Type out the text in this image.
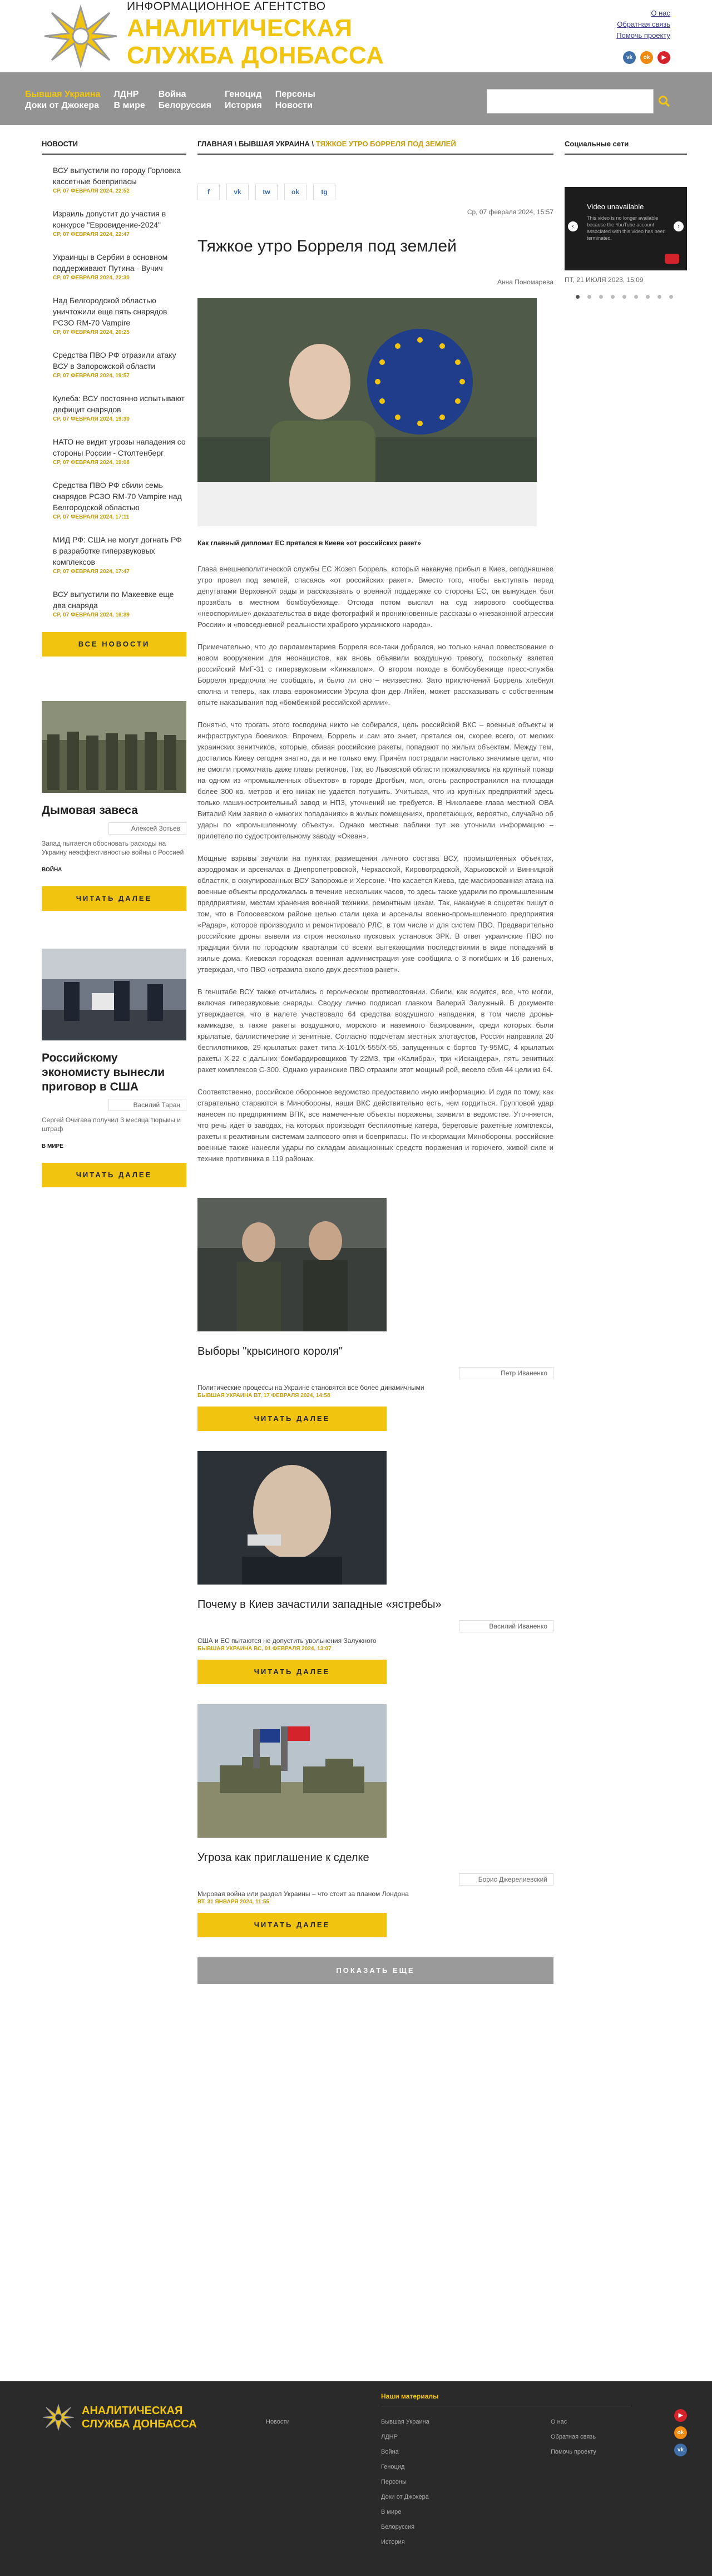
ИНФОРМАЦИОННОЕ АГЕНТСТВО
АНАЛИТИЧЕСКАЯ
СЛУЖБА ДОНБАССА
О нас
Обратная связь
Помочь проекту
vk	ok	▶
Бывшая Украина
Доки от Джокера
ЛДНР
В мире
Война
Белоруссия
Геноцид
История
Персоны
Новости
НОВОСТИ
ВСУ выпустили по городу Горловка кассетные боеприпасы
СР, 07 ФЕВРАЛЯ 2024, 22:52
Израиль допустит до участия в конкурсе "Евровидение-2024"
СР, 07 ФЕВРАЛЯ 2024, 22:47
Украинцы в Сербии в основном поддерживают Путина - Вучич
СР, 07 ФЕВРАЛЯ 2024, 22:30
Над Белгородской областью уничтожили еще пять снарядов РСЗО RM-70 Vampire
СР, 07 ФЕВРАЛЯ 2024, 20:25
Средства ПВО РФ отразили атаку ВСУ в Запорожской области
СР, 07 ФЕВРАЛЯ 2024, 19:57
Кулеба: ВСУ постоянно испытывают дефицит снарядов
СР, 07 ФЕВРАЛЯ 2024, 19:30
НАТО не видит угрозы нападения со стороны России - Столтенберг
СР, 07 ФЕВРАЛЯ 2024, 19:08
Средства ПВО РФ сбили семь снарядов РСЗО RM-70 Vampire над Белгородской областью
СР, 07 ФЕВРАЛЯ 2024, 17:11
МИД РФ: США не могут догнать РФ в разработке гиперзвуковых комплексов
СР, 07 ФЕВРАЛЯ 2024, 17:47
ВСУ выпустили по Макеевке еще два снаряда
СР, 07 ФЕВРАЛЯ 2024, 16:39
ВСЕ НОВОСТИ
Дымовая завеса
Алексей Зотьев
Запад пытается обосновать расходы на Украину неэффективностью войны с Россией
ВОЙНА
ЧИТАТЬ ДАЛЕЕ
Российскому экономисту вынесли приговор в США
Василий Таран
Сергей Очигава получил 3 месяца тюрьмы и штраф
В МИРЕ
ЧИТАТЬ ДАЛЕЕ
ГЛАВНАЯ \ БЫВШАЯ УКРАИНА \ ТЯЖКОЕ УТРО БОРРЕЛЯ ПОД ЗЕМЛЕЙ
f	vk	tw	ok	tg
Ср, 07 февраля 2024, 15:57
Тяжкое утро Борреля под землей
Анна Пономарева
Как главный дипломат ЕС прятался в Киеве «от российских ракет»

Глава внешнеполитической службы ЕС Жозеп Боррель, который накануне прибыл в Киев, сегодняшнее утро провел под землей, спасаясь «от российских ракет». Вместо того, чтобы выступать перед депутатами Верховной рады и рассказывать о военной поддержке со стороны ЕС, он вынужден был прозябать в местном бомбоубежище. Отсюда потом выслал на суд жирового сообщества «неоспоримые» доказательства в виде фотографий и проникновенные рассказы о «незаконной агрессии России» и «повседневной реальности храброго украинского народа».

Примечательно, что до парламентариев Борреля все-таки добрался, но только начал повествование о новом вооружении для неонацистов, как вновь объявили воздушную тревогу, поскольку взлетел российский МиГ-31 с гиперзвуковым «Кинжалом». О втором походе в бомбоубежище пресс-служба Борреля предпочла не сообщать, и было ли оно – неизвестно. Зато приключений Боррель хлебнул сполна и теперь, как глава еврокомиссии Урсула фон дер Ляйен, может рассказывать с собственным опыте наказывания под «бомбежкой российской армии».

Понятно, что трогать этого господина никто не собирался, цель российской ВКС – военные объекты и инфраструктура боевиков. Впрочем, Боррель и сам это знает, прятался он, скорее всего, от мелких украинских зенитчиков, которые, сбивая российские ракеты, попадают по жилым объектам. Между тем, достались Киеву сегодня знатно, да и не только ему. Причём пострадали настолько значимые цели, что не смогли промолчать даже главы регионов. Так, во Львовской области пожаловались на крупный пожар на одном из «промышленных объектов» в городе Дрогбыч, мол, огонь распространился на площади более 300 кв. метров и его никак не удается потушить. Учитывая, что из крупных предприятий здесь только машиностроительный завод и НПЗ, уточнений не требуется. В Николаеве глава местной ОВА Виталий Ким заявил о «многих попаданиях» в жилых помещениях, пролетающих, вероятно, случайно об удары по «промышленному объекту». Однако местные паблики тут же уточнили информацию – прилетело по судостроительному заводу «Океан».

Мощные взрывы звучали на пунктах размещения личного состава ВСУ, промышленных объектах, аэродромах и арсеналах в Днепропетровской, Черкасской, Кировоградской, Харьковской и Винницкой областях, в оккупированных ВСУ Запорожье и Херсоне. Что касается Киева, где массированная атака на военные объекты продолжалась в течение нескольких часов, то здесь также ударили по промышленным предприятиям, местам хранения военной техники, ремонтным цехам. Так, накануне в соцсетях пишут о том, что в Голосеевском районе целью стали цеха и арсеналы военно-промышленного предприятия «Радар», которое производило и ремонтировало РЛС, в том числе и для систем ПВО. Предварительно российские дроны вывели из строя несколько пусковых установок ЗРК. В ответ украинские ПВО по традиции били по городским кварталам со всеми вытекающими последствиями в виде попаданий в жилые дома. Киевская городская военная администрация уже сообщила о 3 погибших и 16 раненых, утверждая, что ПВО «отразила около двух десятков ракет».

В генштабе ВСУ также отчитались о героическом противостоянии. Сбили, как водится, все, что могли, включая гиперзвуковые снаряды. Сводку лично подписал главком Валерий Залужный. В документе утверждается, что в налете участвовало 64 средства воздушного нападения, в том числе дроны-камикадзе, а также ракеты воздушного, морского и наземного базирования, среди которых были крылатые, баллистические и зенитные. Согласно подсчетам местных злотаустов, Россия направила 20 беспилотников, 29 крылатых ракет типа Х-101/Х-555/Х-55, запущенных с бортов Ту-95МС, 4 крылатых ракеты Х-22 с дальних бомбардировщиков Ту-22М3, три «Калибра», три «Искандера», пять зенитных ракет комплексов С-300. Однако украинские ПВО отразили этот мощный рой, весело сбив 44 цели из 64.

Соответственно, российское оборонное ведомство предоставило иную информацию. И судя по тому, как старательно стараются в Минобороны, наши ВКС действительно есть, чем гордиться. Групповой удар нанесен по предприятиям ВПК, все намеченные объекты поражены, заявили в ведомстве. Уточняется, что речь идет о заводах, на которых производят беспилотные катера, береговые ракетные комплексы, ракеты к реактивным системам залпового огня и боеприпасы. По информации Минобороны, российские военные также нанесли удары по складам авиационных средств поражения и горючего, живой силе и технике противника в 119 районах.

Выборы "крысиного короля"
Петр Иваненко
Политические процессы на Украине становятся все более динамичными
БЫВШАЯ УКРАИНА ВТ, 17 ФЕВРАЛЯ 2024, 14:58
ЧИТАТЬ ДАЛЕЕ
Почему в Киев зачастили западные «ястребы»
Василий Иваненко
США и ЕС пытаются не допустить увольнения Залужного
БЫВШАЯ УКРАИНА ВС, 01 ФЕВРАЛЯ 2024, 13:07
ЧИТАТЬ ДАЛЕЕ
Угроза как приглашение к сделке
Борис Джерелиевский
Мировая война или раздел Украины – что стоит за планом Лондона
ВТ, 31 ЯНВАРЯ 2024, 11:55
ЧИТАТЬ ДАЛЕЕ
ПОКАЗАТЬ ЕЩЕ
Социальные сети
‹
Video unavailable
This video is no longer available because the YouTube account associated with this video has been terminated.
›
ПТ, 21 ИЮЛЯ 2023, 15:09
АНАЛИТИЧЕСКАЯ
СЛУЖБА ДОНБАССА
Наши материалы
Новости	Бывшая Украина
ЛДНР
Война
Геноцид
Персоны
Доки от Джокера
В мире
Белоруссия
История
О нас
Обратная связь
Помочь проекту
▶
ok
vk
